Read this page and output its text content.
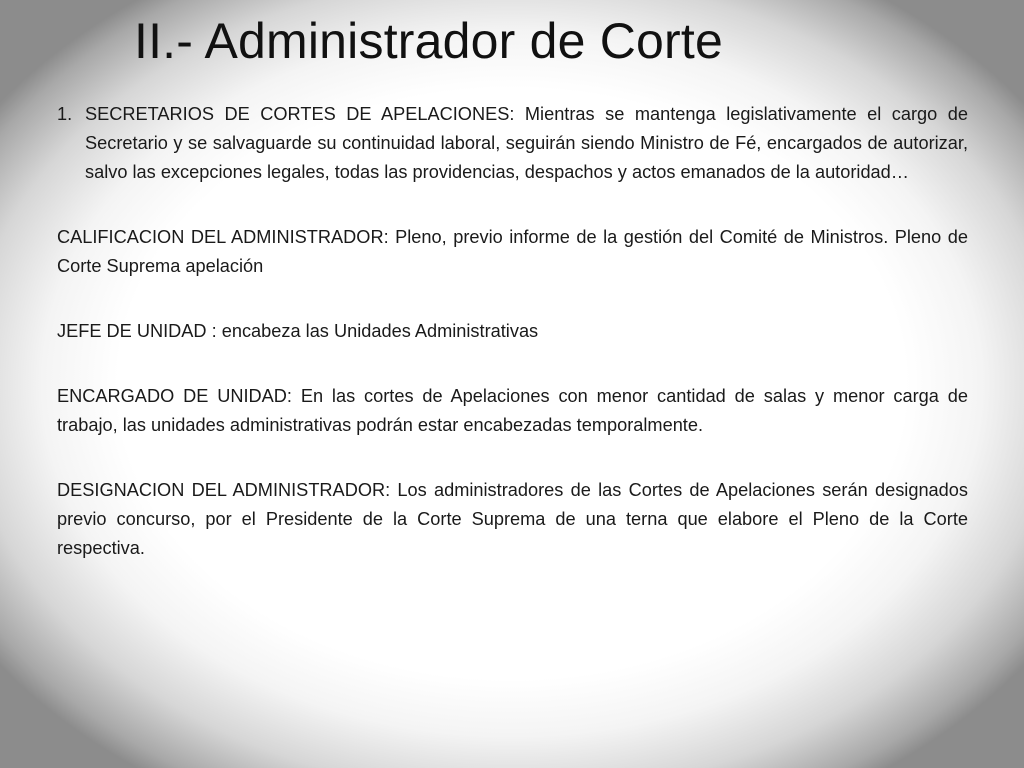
II.- Administrador de Corte
1. SECRETARIOS DE CORTES DE APELACIONES: Mientras se mantenga legislativamente el cargo de Secretario y se salvaguarde su continuidad laboral, seguirán siendo Ministro de Fé, encargados de autorizar, salvo las excepciones legales, todas las providencias, despachos y actos emanados de la autoridad…

CALIFICACION DEL ADMINISTRADOR: Pleno, previo informe de la gestión del Comité de Ministros. Pleno de Corte Suprema apelación

JEFE DE UNIDAD : encabeza las Unidades Administrativas

ENCARGADO DE UNIDAD: En las cortes de Apelaciones con menor cantidad de salas y menor carga de trabajo, las unidades administrativas podrán estar encabezadas temporalmente.

DESIGNACION DEL ADMINISTRADOR: Los administradores de las Cortes de Apelaciones serán designados previo concurso, por el Presidente de la Corte Suprema de una terna que elabore el Pleno de la Corte respectiva.
